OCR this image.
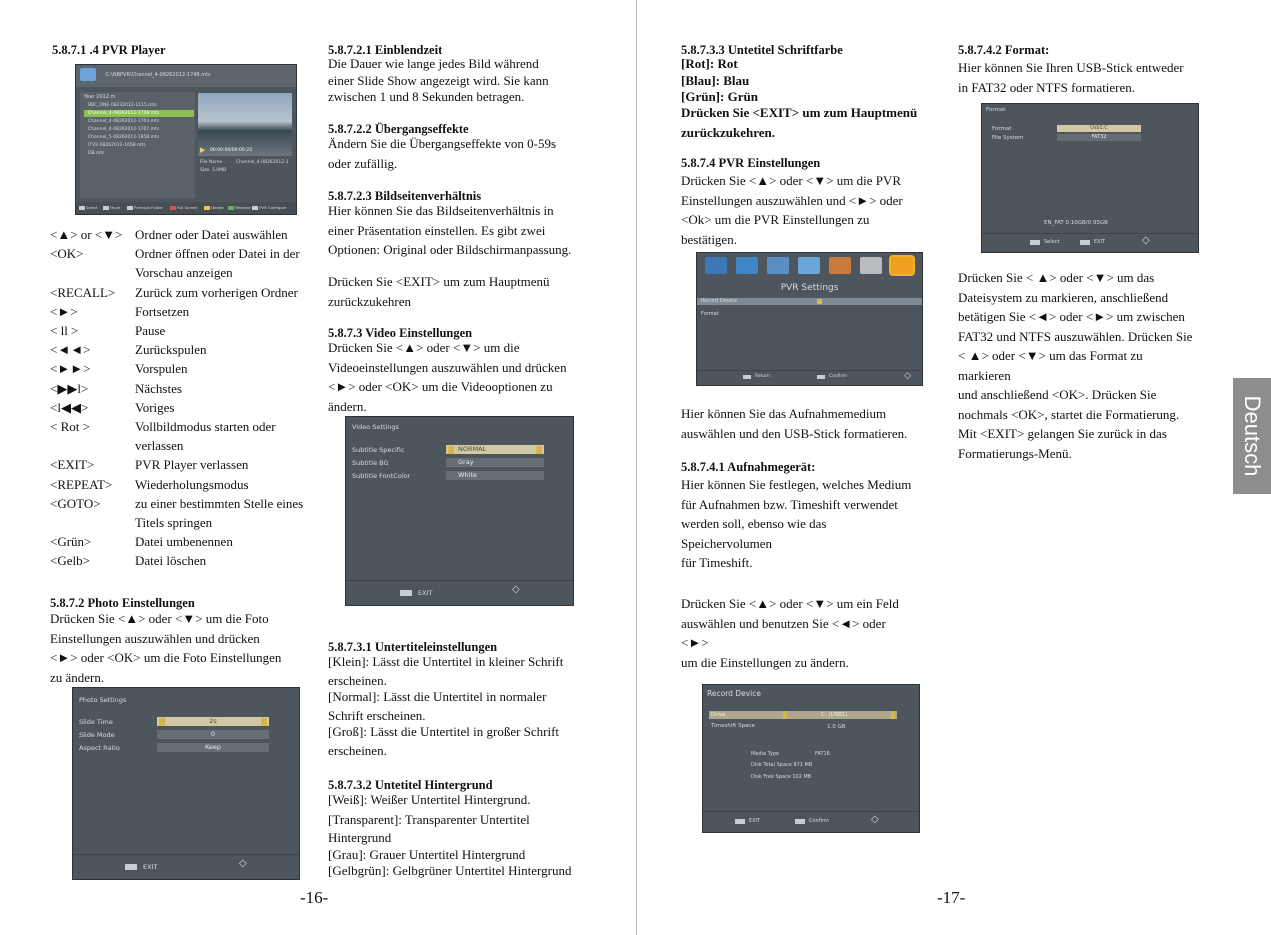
5.8.7.1 .4 PVR Player
C:\NBPVR\Channel_4-08262012-1748.mts
Year 2012.m
BBC_ONE-08232012-1115.mts
Channel_4-08262012-1748.mts
Channel_4-08262012-1703.mts
Channel_4-08262012-1707.mts
Channel_5-08262012-1858.mts
ITV2-08262012-1658.mts
DB.mts	▶	00:00:00/00:00:23
File Name	Channel_4-08262012-1
Size 5.0MB
Select	Move	Previous Folder	Full Screen	Delete	Rename PVR Configure
<▲> or <▼> Ordner oder Datei auswählen
<OK>	Ordner öffnen oder Datei in der
Vorschau anzeigen
<RECALL> Zurück zum vorherigen Ordner
<►>	Fortsetzen
< ll >	Pause
<◄◄>	Zurückspulen
<►►>	Vorspulen
<▶▶l>	Nächstes
<l◀◀>	Voriges
< Rot >	Vollbildmodus starten oder
verlassen
<EXIT>	PVR Player verlassen
<REPEAT> Wiederholungsmodus
<GOTO>	zu einer bestimmten Stelle eines
Titels springen
<Grün>	Datei umbenennen
<Gelb>	Datei löschen
5.8.7.2 Photo Einstellungen
Drücken Sie <▲> oder <▼> um die Foto
Einstellungen auszuwählen und drücken
<►> oder <OK> um die Foto Einstellungen
zu ändern.
Photo Settings
Slide Time	2s
Slide Mode	0
Aspect Ratio	Keep
EXIT	◇
-16-
5.8.7.2.1 Einblendzeit
Die Dauer wie lange jedes Bild während
einer Slide Show angezeigt wird. Sie kann
zwischen 1 und 8 Sekunden betragen.
5.8.7.2.2 Übergangseffekte
Ändern Sie die Übergangseffekte von 0-59s
oder zufällig.
5.8.7.2.3 Bildseitenverhältnis
Hier können Sie das Bildseitenverhältnis in
einer Präsentation einstellen. Es gibt zwei
Optionen: Original oder Bildschirmanpassung.
Drücken Sie <EXIT> um zum Hauptmenü
zurückzukehren
5.8.7.3 Video Einstellungen
Drücken Sie <▲> oder <▼> um die
Videoeinstellungen auszuwählen und drücken
<►> oder <OK> um die Videooptionen zu
ändern.
Video Settings
Subtitle Specific	NORMAL
Subtitle BG	Gray
Subtitle FontColor	White
EXIT	◇
5.8.7.3.1 Untertiteleinstellungen
[Klein]: Lässt die Untertitel in kleiner Schrift
erscheinen.
[Normal]: Lässt die Untertitel in normaler
Schrift erscheinen.
[Groß]: Lässt die Untertitel in großer Schrift
erscheinen.
5.8.7.3.2 Untetitel Hintergrund
[Weiß]: Weißer Untertitel Hintergrund.
[Transparent]: Transparenter Untertitel
Hintergrund
[Grau]: Grauer Untertitel Hintergrund
[Gelbgrün]: Gelbgrüner Untertitel Hintergrund
5.8.7.3.3 Untetitel Schriftfarbe
[Rot]: Rot
[Blau]: Blau
[Grün]: Grün
Drücken Sie <EXIT> um zum Hauptmenü
zurückzukehren.
5.8.7.4 PVR Einstellungen
Drücken Sie <▲> oder <▼> um die PVR
Einstellungen auszuwählen und <►> oder
<Ok> um die PVR Einstellungen zu
bestätigen.
PVR Settings
Record Device
Format
Return	Confirm	◇
Hier können Sie das Aufnahmemedium
auswählen und den USB-Stick formatieren.
5.8.7.4.1 Aufnahmegerät:
Hier können Sie festlegen, welches Medium
für Aufnahmen bzw. Timeshift verwendet
werden soll, ebenso wie das
Speichervolumen
für Timeshift.
Drücken Sie <▲> oder <▼> um ein Feld
auswählen und benutzen Sie <◄> oder
<►>
um die Einstellungen zu ändern.
Record Device
Drive	C: (USB1)
Timeshift Space	1.0 GB
Media Type	FAT16
Disk Total Space 971 MB
Disk Free Space 102 MB
EXIT	Confirm	◇
-17-
5.8.7.4.2 Format:
Hier können Sie Ihren USB-Stick entweder
in FAT32 oder NTFS formatieren.
Format
Format	Usb1:C
File System	FAT32
EN_FAT 0.10GB/0.95GB
Select	EXIT	◇
Drücken Sie < ▲> oder <▼> um das
Dateisystem zu markieren, anschließend
betätigen Sie <◄> oder <►> um zwischen
FAT32 und NTFS auszuwählen. Drücken Sie
< ▲> oder <▼> um das Format zu
markieren
und anschließend <OK>. Drücken Sie
nochmals <OK>, startet die Formatierung.
Mit <EXIT> gelangen Sie zurück in das
Formatierungs-Menü.	Deutsch
